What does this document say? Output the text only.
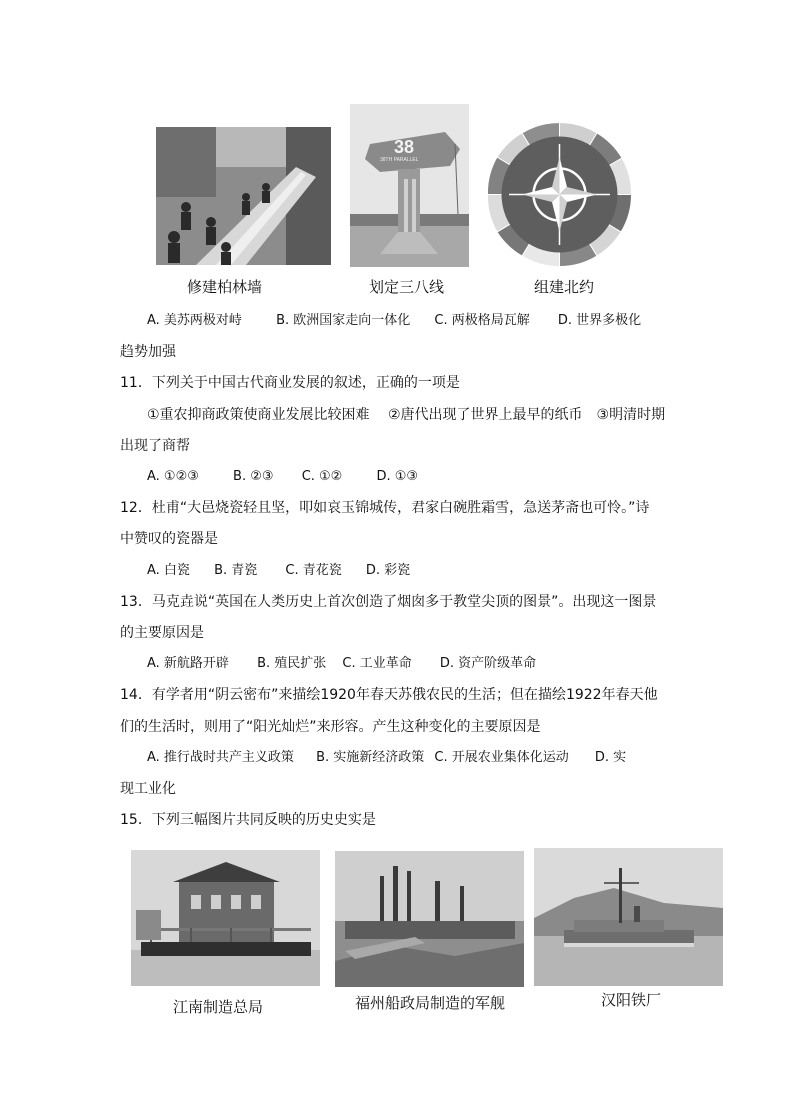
38
38TH PARALLEL
修建柏林墙	划定三八线	组建北约
A. 美苏两极对峙	B. 欧洲国家走向一体化 C. 两极格局瓦解 D. 世界多极化
趋势加强
11．下列关于中国古代商业发展的叙述，正确的一项是
①重农抑商政策使商业发展比较困难　 ②唐代出现了世界上最早的纸币　③明清时期
出现了商帮
A. ①②③	B. ②③ C. ①②	D. ①③
12．杜甫“大邑烧瓷轻且坚，叩如哀玉锦城传，君家白碗胜霜雪，急送茅斋也可怜。”诗
中赞叹的瓷器是
A. 白瓷 B. 青瓷 C. 青花瓷 D. 彩瓷
13．马克垚说“英国在人类历史上首次创造了烟囱多于教堂尖顶的图景”。出现这一图景
的主要原因是
A. 新航路开辟 B. 殖民扩张 C. 工业革命 D. 资产阶级革命
14．有学者用“阴云密布”来描绘1920年春天苏俄农民的生活；但在描绘1922年春天他
们的生活时，则用了“阳光灿烂”来形容。产生这种变化的主要原因是
A. 推行战时共产主义政策 B. 实施新经济政策 C. 开展农业集体化运动 D. 实
现工业化
15．下列三幅图片共同反映的历史史实是
江南制造总局	福州船政局制造的军舰	汉阳铁厂
